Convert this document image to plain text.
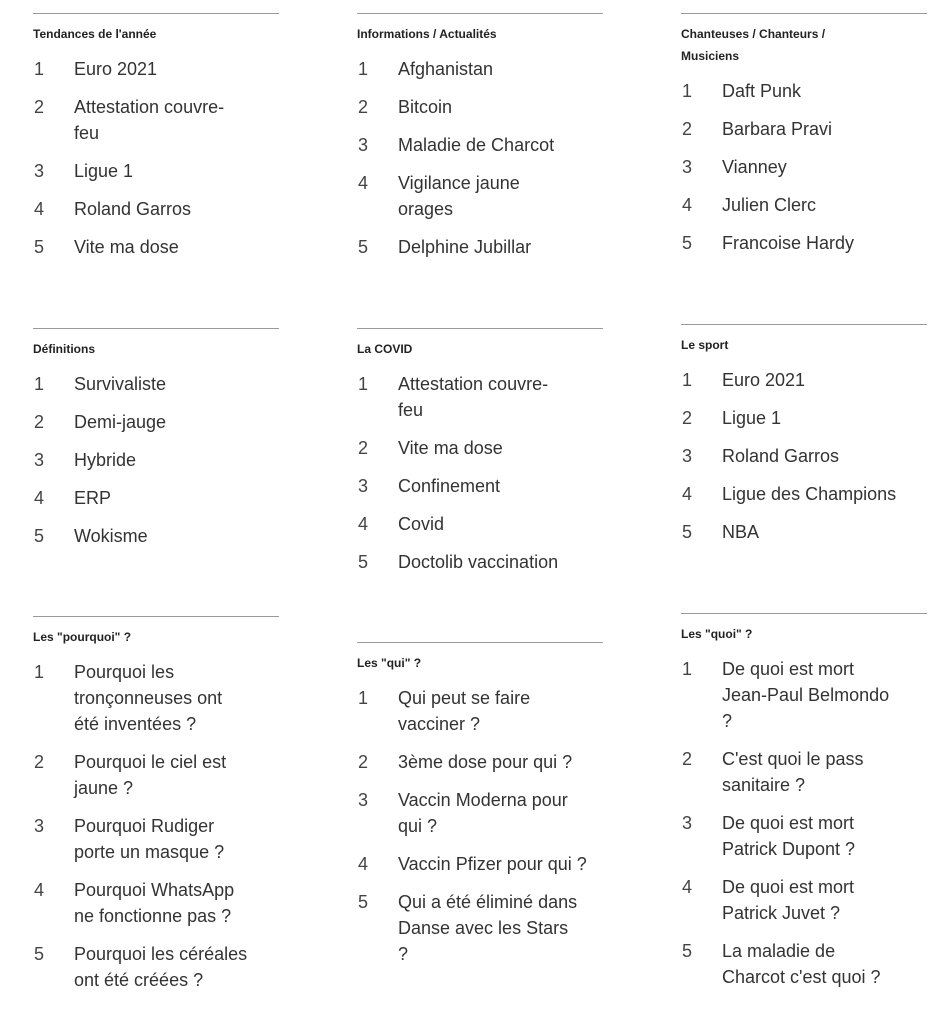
Tendances de l'année
1	Euro 2021
2	Attestation couvre-feu
3	Ligue 1
4	Roland Garros
5	Vite ma dose
Informations / Actualités
1	Afghanistan
2	Bitcoin
3	Maladie de Charcot
4	Vigilance jaune orages
5	Delphine Jubillar
Chanteuses / Chanteurs / Musiciens
1	Daft Punk
2	Barbara Pravi
3	Vianney
4	Julien Clerc
5	Francoise Hardy
Définitions
1	Survivaliste
2	Demi-jauge
3	Hybride
4	ERP
5	Wokisme
La COVID
1	Attestation couvre-feu
2	Vite ma dose
3	Confinement
4	Covid
5	Doctolib vaccination
Le sport
1	Euro 2021
2	Ligue 1
3	Roland Garros
4	Ligue des Champions
5	NBA
Les "pourquoi" ?
1	Pourquoi les tronçonneuses ont été inventées ?
2	Pourquoi le ciel est jaune ?
3	Pourquoi Rudiger porte un masque ?
4	Pourquoi WhatsApp ne fonctionne pas ?
5	Pourquoi les céréales ont été créées ?
Les "qui" ?
1	Qui peut se faire vacciner ?
2	3ème dose pour qui ?
3	Vaccin Moderna pour qui ?
4	Vaccin Pfizer pour qui ?
5	Qui a été éliminé dans Danse avec les Stars ?
Les "quoi" ?
1	De quoi est mort Jean-Paul Belmondo ?
2	C'est quoi le pass sanitaire ?
3	De quoi est mort Patrick Dupont ?
4	De quoi est mort Patrick Juvet ?
5	La maladie de Charcot c'est quoi ?
